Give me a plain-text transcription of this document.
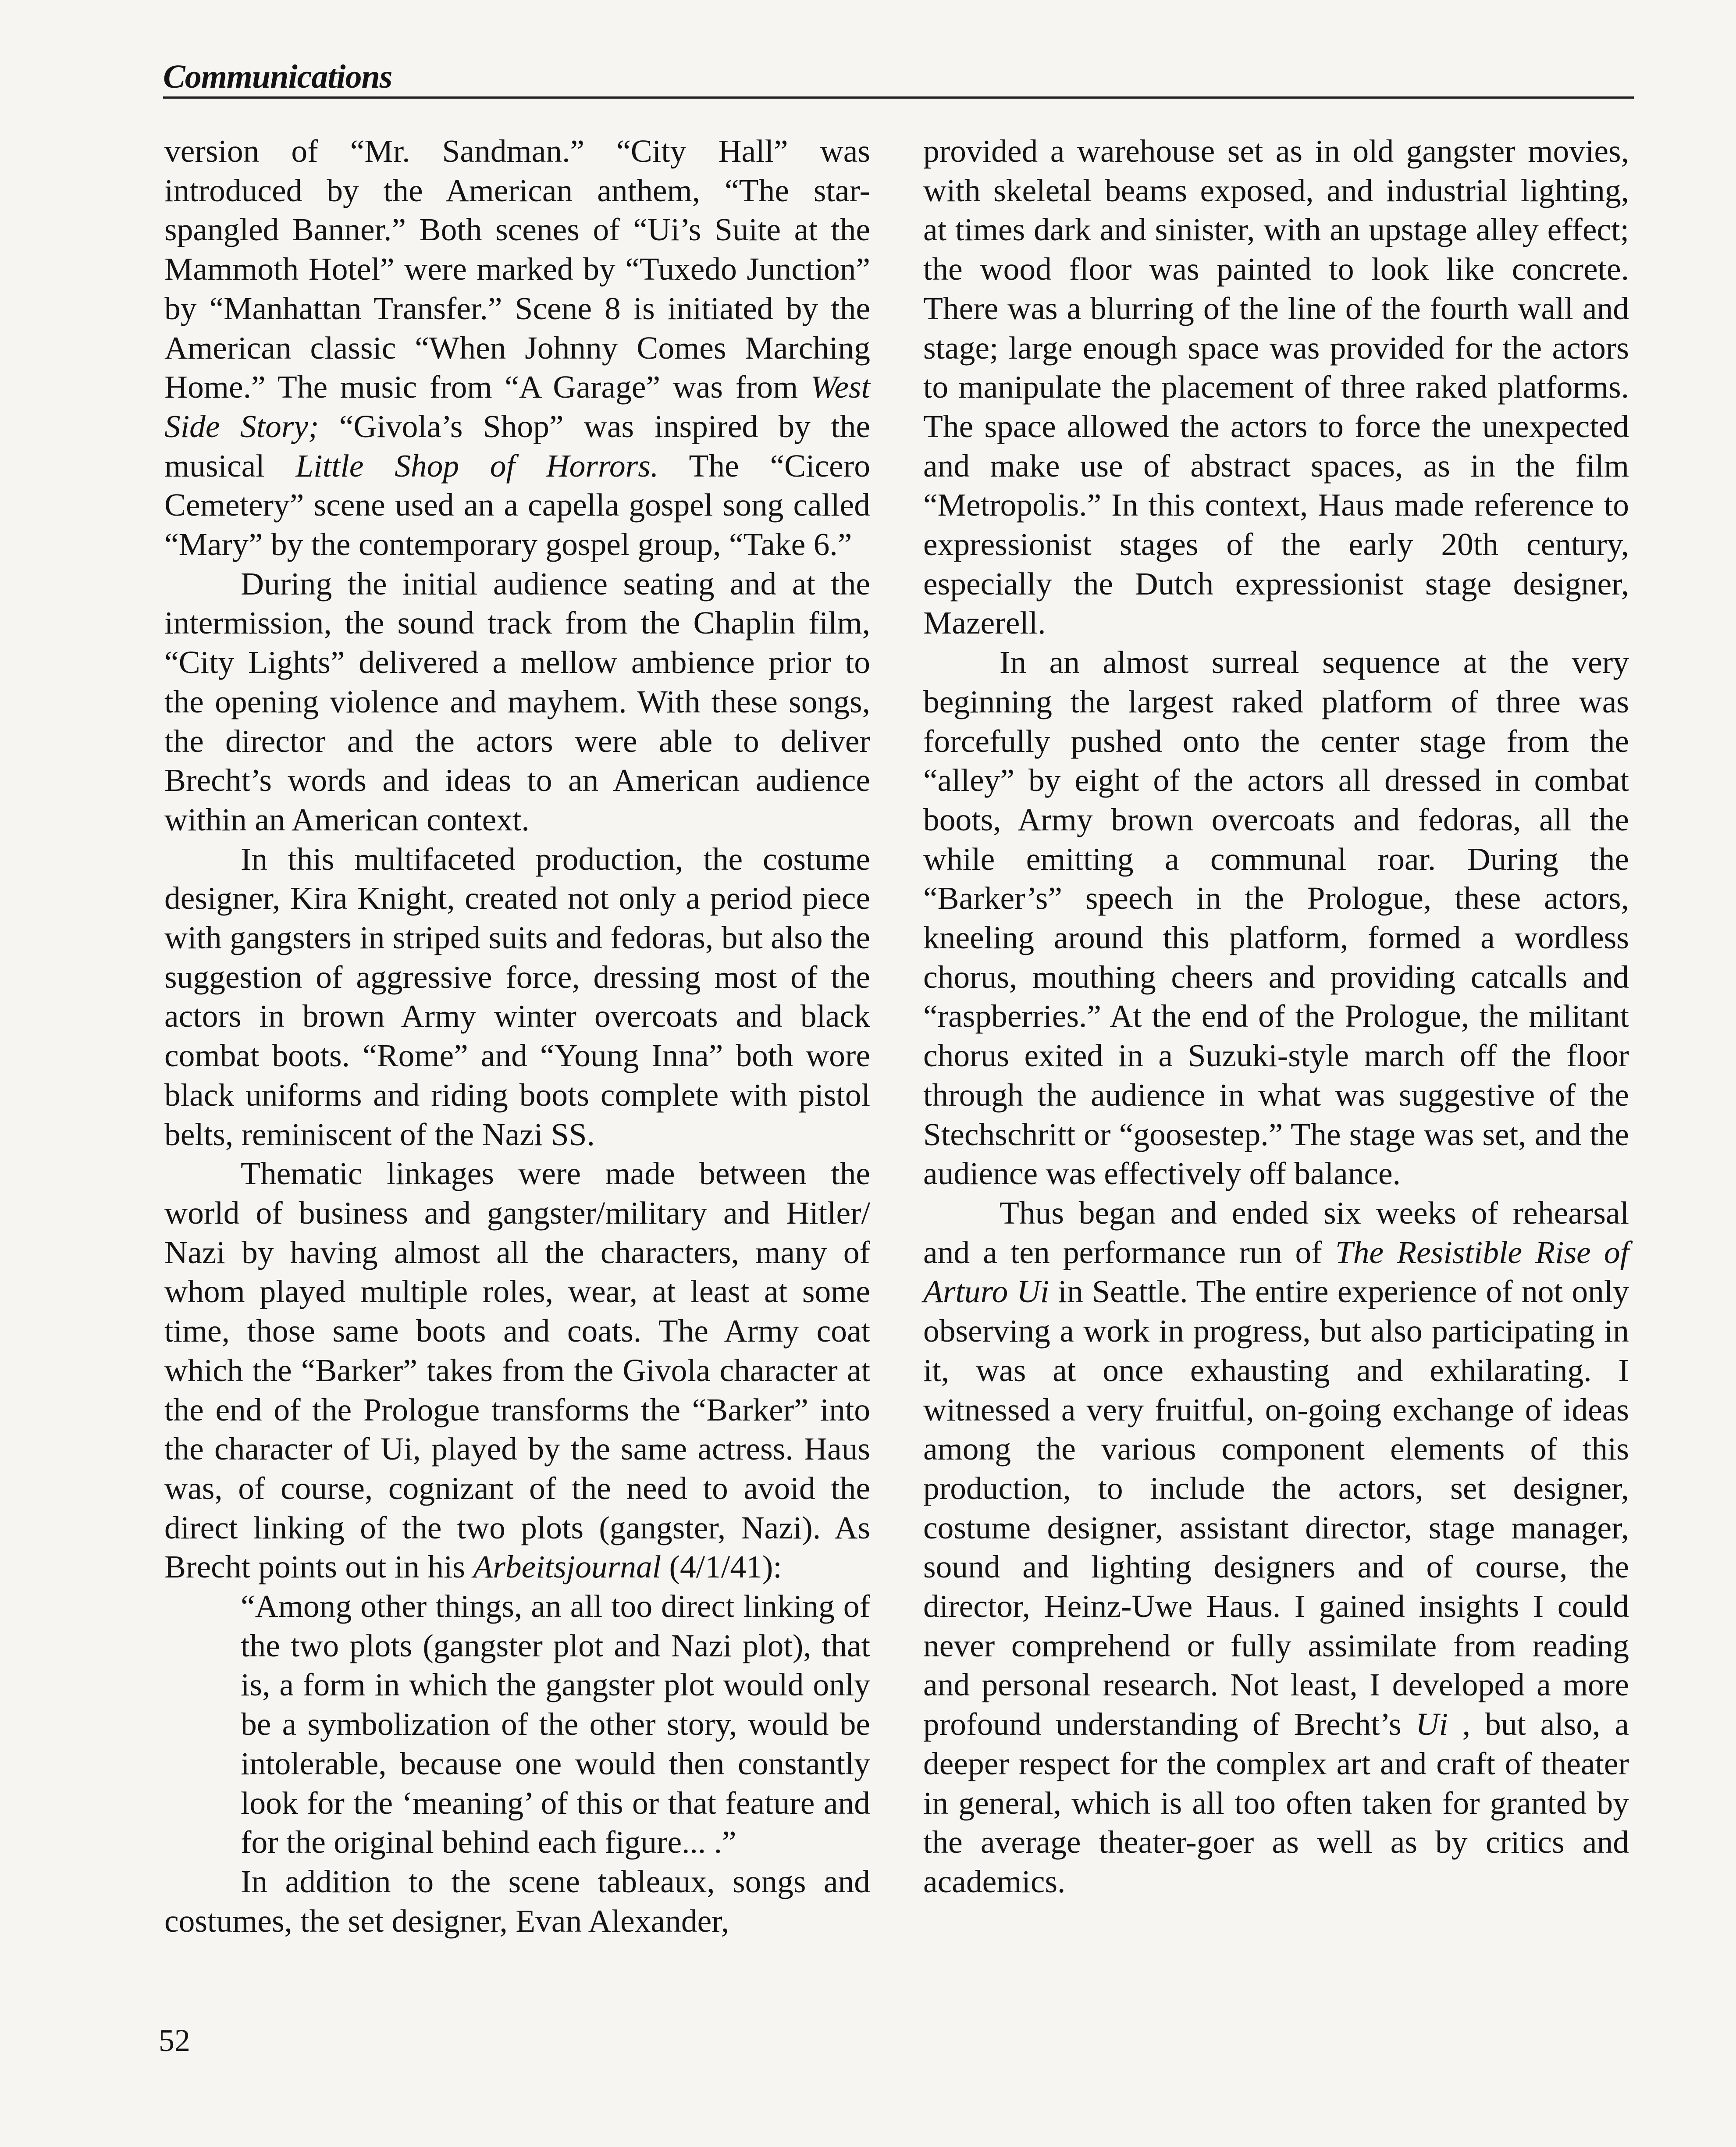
Communications

version of “Mr. Sandman.” “City Hall” was introduced by the American anthem, “The star-spangled Banner.” Both scenes of “Ui’s Suite at the Mammoth Hotel” were marked by “Tuxedo Junction” by “Manhattan Transfer.” Scene 8 is initiated by the American classic “When Johnny Comes Marching Home.” The music from “A Garage” was from West Side Story; “Givola’s Shop” was inspired by the musical Little Shop of Horrors. The “Cicero Cemetery” scene used an a capella gospel song called “Mary” by the contemporary gospel group, “Take 6.”

During the initial audience seating and at the intermission, the sound track from the Chaplin film, “City Lights” delivered a mellow ambience prior to the opening violence and mayhem. With these songs, the director and the actors were able to deliver Brecht’s words and ideas to an American audience within an American context.

In this multifaceted production, the costume designer, Kira Knight, created not only a period piece with gangsters in striped suits and fedoras, but also the suggestion of aggressive force, dressing most of the actors in brown Army winter overcoats and black combat boots. “Rome” and “Young Inna” both wore black uniforms and riding boots complete with pistol belts, reminiscent of the Nazi SS.

Thematic linkages were made between the world of business and gangster/military and Hitler/ Nazi by having almost all the characters, many of whom played multiple roles, wear, at least at some time, those same boots and coats. The Army coat which the “Barker” takes from the Givola character at the end of the Prologue transforms the “Barker” into the character of Ui, played by the same actress. Haus was, of course, cognizant of the need to avoid the direct linking of the two plots (gangster, Nazi). As Brecht points out in his Arbeitsjournal (4/1/41):

“Among other things, an all too direct linking of the two plots (gangster plot and Nazi plot), that is, a form in which the gangster plot would only be a symbolization of the other story, would be intolerable, because one would then constantly look for the ‘meaning’ of this or that feature and for the original behind each figure... .”

In addition to the scene tableaux, songs and costumes, the set designer, Evan Alexander,

provided a warehouse set as in old gangster movies, with skeletal beams exposed, and industrial lighting, at times dark and sinister, with an upstage alley effect; the wood floor was painted to look like concrete. There was a blurring of the line of the fourth wall and stage; large enough space was provided for the actors to manipulate the placement of three raked platforms. The space allowed the actors to force the unexpected and make use of abstract spaces, as in the film “Metropolis.” In this context, Haus made reference to expressionist stages of the early 20th century, especially the Dutch expressionist stage designer, Mazerell.

In an almost surreal sequence at the very beginning the largest raked platform of three was forcefully pushed onto the center stage from the “alley” by eight of the actors all dressed in combat boots, Army brown overcoats and fedoras, all the while emitting a communal roar. During the “Barker’s” speech in the Prologue, these actors, kneeling around this platform, formed a wordless chorus, mouthing cheers and providing catcalls and “raspberries.” At the end of the Prologue, the militant chorus exited in a Suzuki-style march off the floor through the audience in what was suggestive of the Stechschritt or “goosestep.” The stage was set, and the audience was effectively off balance.

Thus began and ended six weeks of rehearsal and a ten performance run of The Resistible Rise of Arturo Ui in Seattle. The entire experience of not only observing a work in progress, but also participating in it, was at once exhausting and exhilarating. I witnessed a very fruitful, on-going exchange of ideas among the various component elements of this production, to include the actors, set designer, costume designer, assistant director, stage manager, sound and lighting designers and of course, the director, Heinz-Uwe Haus. I gained insights I could never comprehend or fully assimilate from reading and personal research. Not least, I developed a more profound understanding of Brecht’s Ui , but also, a deeper respect for the complex art and craft of theater in general, which is all too often taken for granted by the average theater-goer as well as by critics and academics.

52
